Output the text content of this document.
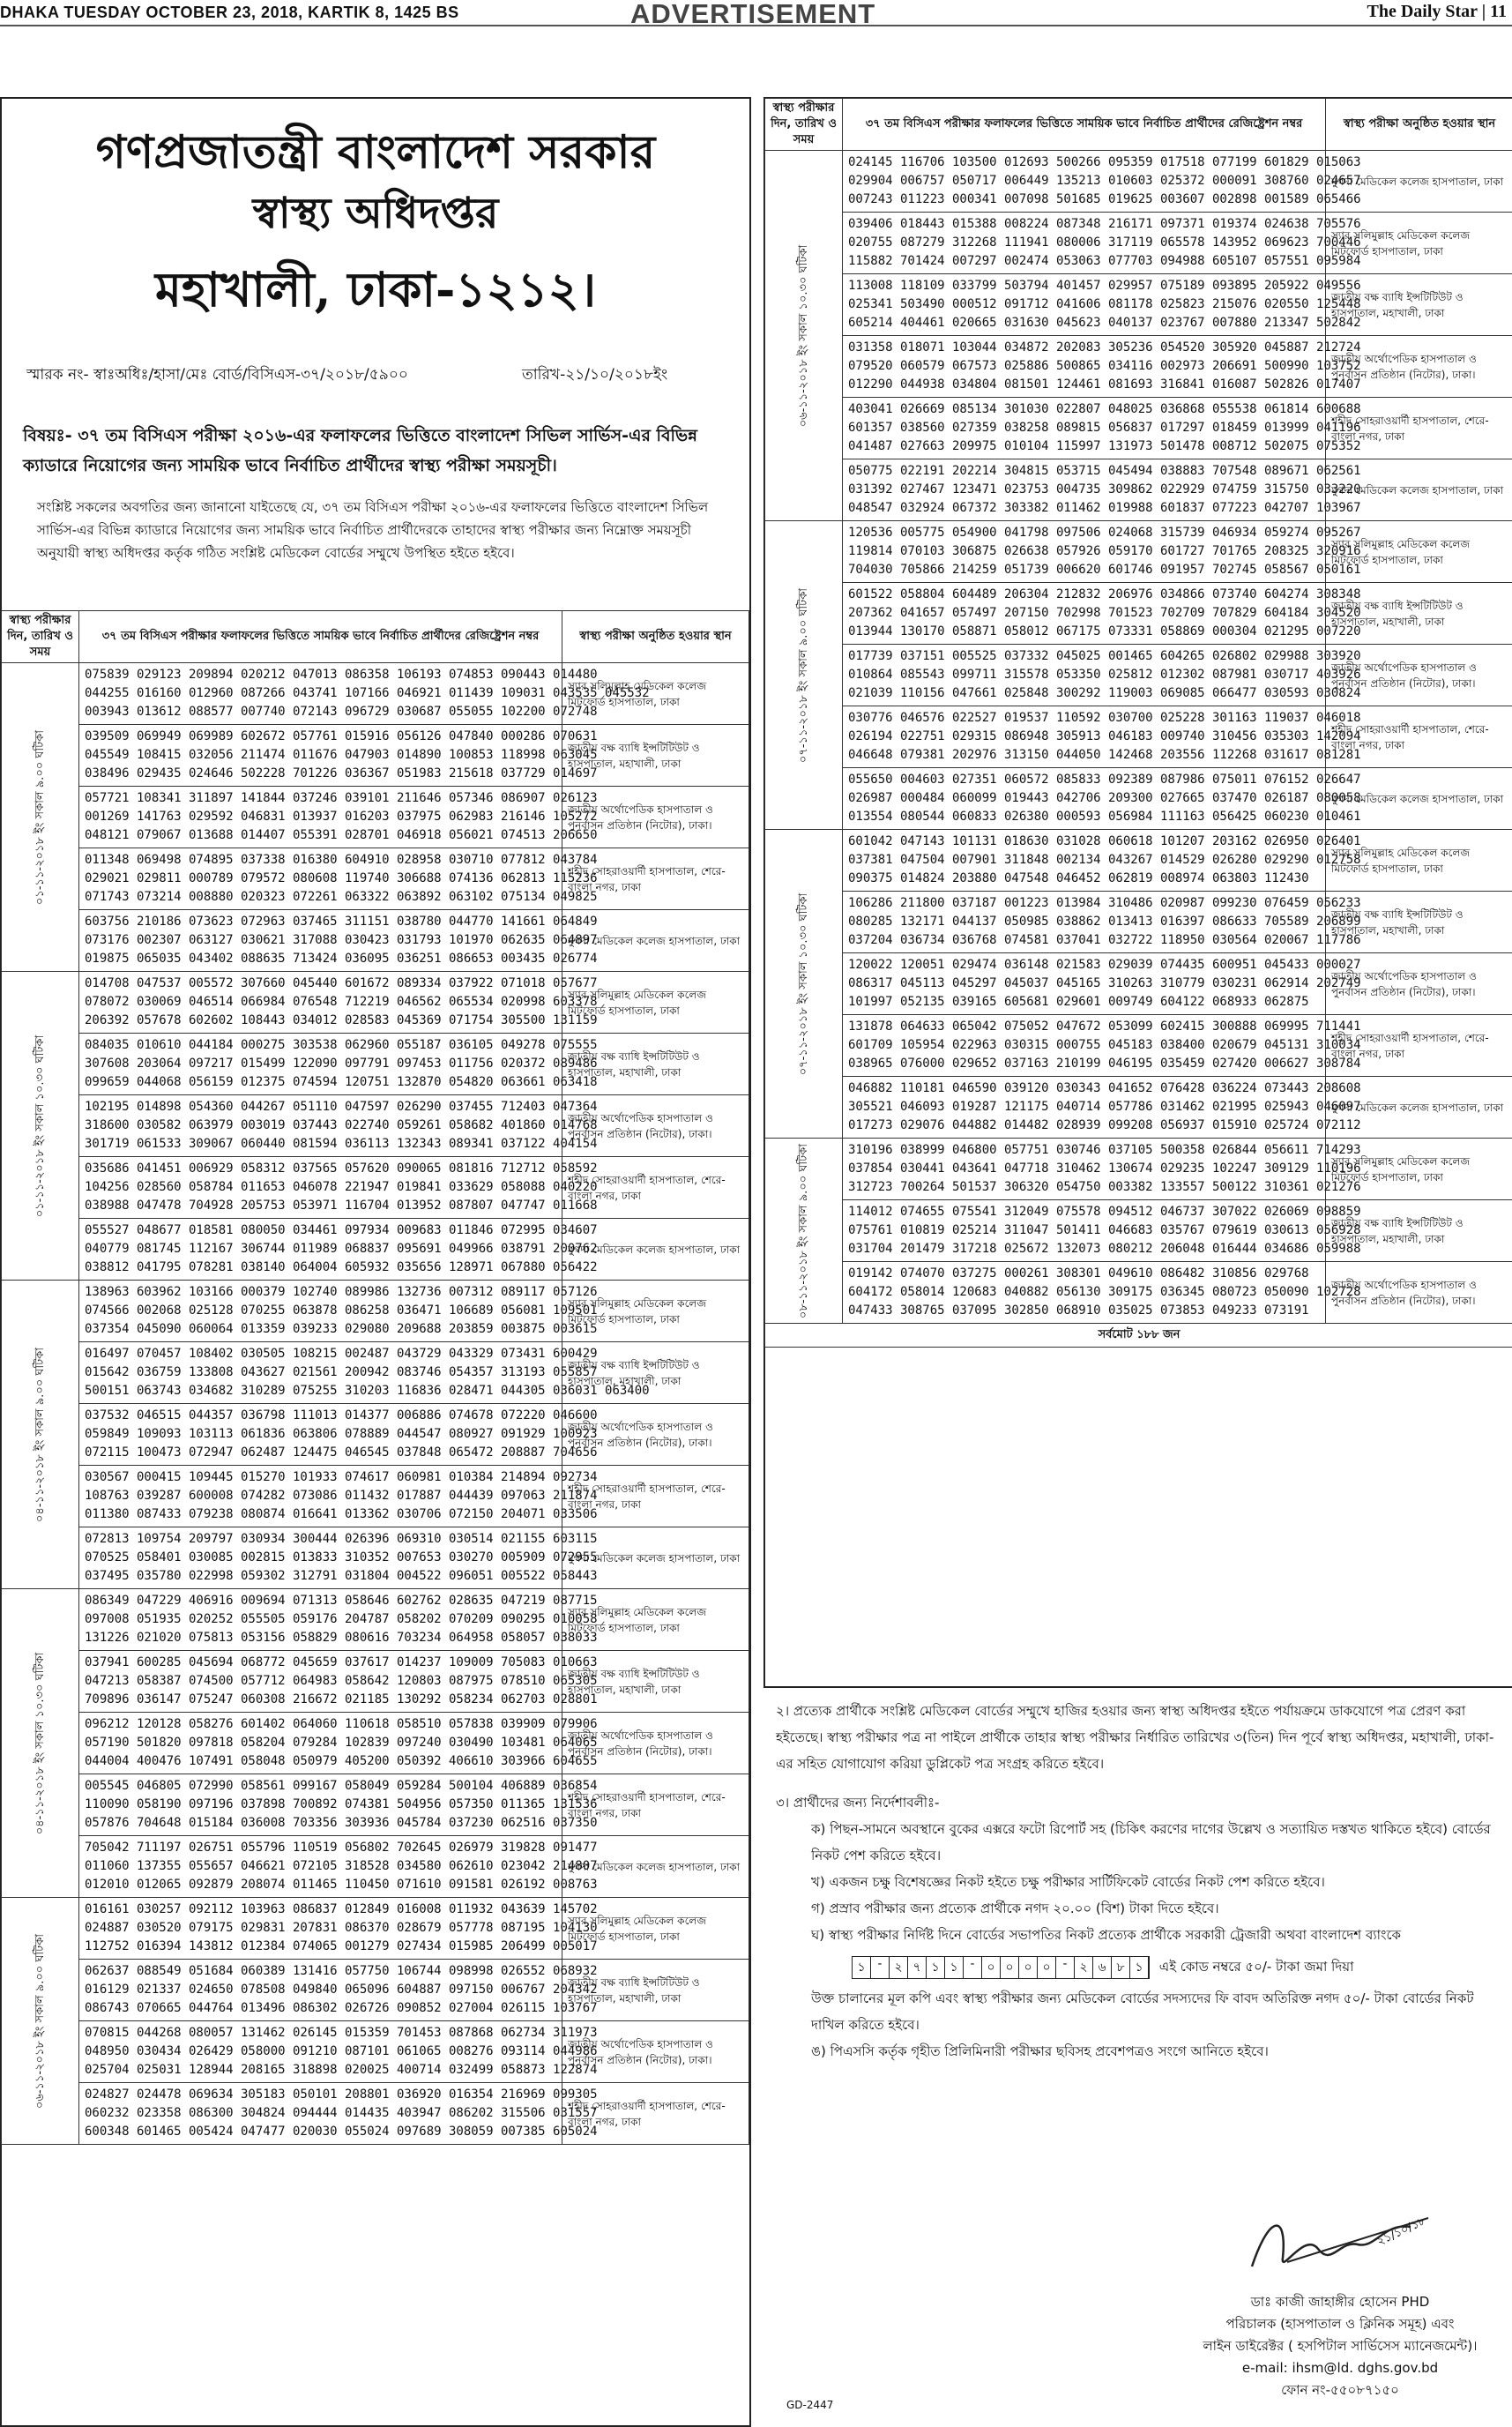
DHAKA TUESDAY OCTOBER 23, 2018, KARTIK 8, 1425 BS	ADVERTISEMENT	The Daily Star | 11
গণপ্রজাতন্ত্রী বাংলাদেশ সরকার
স্বাস্থ্য অধিদপ্তর
মহাখালী, ঢাকা-১২১২।
স্মারক নং- স্বাঃঅধিঃ/হাসা/মেঃ বোর্ড/বিসিএস-৩৭/২০১৮/৫৯০০	তারিখ-২১/১০/২০১৮ইং
বিষয়ঃ- ৩৭ তম বিসিএস পরীক্ষা ২০১৬-এর ফলাফলের ভিত্তিতে বাংলাদেশ সিভিল সার্ভিস-এর বিভিন্ন ক্যাডারে নিয়োগের জন্য সাময়িক ভাবে নির্বাচিত প্রার্থীদের স্বাস্থ্য পরীক্ষা সময়সূচী।
সংশ্লিষ্ট সকলের অবগতির জন্য জানানো যাইতেছে যে, ৩৭ তম বিসিএস পরীক্ষা ২০১৬-এর ফলাফলের ভিত্তিতে বাংলাদেশ সিভিল সার্ভিস-এর বিভিন্ন ক্যাডারে নিয়োগের জন্য সাময়িক ভাবে নির্বাচিত প্রার্থীদেরকে তাহাদের স্বাস্থ্য পরীক্ষার জন্য নিম্নোক্ত সময়সূচী অনুযায়ী স্বাস্থ্য অধিদপ্তর কর্তৃক গঠিত সংশ্লিষ্ট মেডিকেল বোর্ডের সম্মুখে উপস্থিত হইতে হইবে।
স্বাস্থ্য পরীক্ষার দিন, তারিখ ও সময়	৩৭ তম বিসিএস পরীক্ষার ফলাফলের ভিত্তিতে সাময়িক ভাবে নির্বাচিত প্রার্থীদের রেজিষ্ট্রেশন নম্বর	স্বাস্থ্য পরীক্ষা অনুষ্ঠিত হওয়ার স্থান

০১-১১-২০১৮ ইং সকাল ৯.০০ ঘটিকা	075839 029123 209894 020212 047013 086358 106193 074853 090443 014480
044255 016160 012960 087266 043741 107166 046921 011439 109031 043535 045532
003943 013612 088577 007740 072143 096729 030687 055055 102200 072748	স্যার সলিমুল্লাহ মেডিকেল কলেজ মিটফোর্ড হাসপাতাল, ঢাকা
	039509 069949 069989 602672 057761 015916 056126 047840 000286 070631
045549 108415 032056 211474 011676 047903 014890 100853 118998 063045
038496 029435 024646 502228 701226 036367 051983 215618 037729 014697	জাতীয় বক্ষ ব্যাধি ইন্সটিটিউট ও হাসপাতাল, মহাখালী, ঢাকা
	057721 108341 311897 141844 037246 039101 211646 057346 086907 026123
001269 141763 029592 046831 013937 016203 037975 062983 216146 105272
048121 079067 013688 014407 055391 028701 046918 056021 074513 206650	জাতীয় অর্থোপেডিক হাসপাতাল ও পুনর্বাসন প্রতিষ্ঠান (নিটোর), ঢাকা।
	011348 069498 074895 037338 016380 604910 028958 030710 077812 043784
029021 029811 000789 079572 080608 119740 306688 074136 062813 115236
071743 073214 008880 020323 072261 063322 063892 063102 075134 049825	শহীদ সোহরাওয়ার্দী হাসপাতাল, শেরে-বাংলা নগর, ঢাকা
	603756 210186 073623 072963 037465 311151 038780 044770 141661 064849
073176 002307 063127 030621 317088 030423 031793 101970 062635 064897
019875 065035 043402 088635 713424 036095 036251 086653 003435 026774	মুগদা মেডিকেল কলেজ হাসপাতাল, ঢাকা

০১-১১-২০১৮ ইং সকাল ১০.৩০ ঘটিকা	014708 047537 005572 307660 045440 601672 089334 037922 071018 057677
078072 030069 046514 066984 076548 712219 046562 065534 020998 603378
206392 057678 602602 108443 034012 028583 045369 071754 305500 131159	স্যার সলিমুল্লাহ মেডিকেল কলেজ মিটফোর্ড হাসপাতাল, ঢাকা
	084035 010610 044184 000275 303538 062960 055187 036105 049278 075555
307608 203064 097217 015499 122090 097791 097453 011756 020372 089486
099659 044068 056159 012375 074594 120751 132870 054820 063661 063418	জাতীয় বক্ষ ব্যাধি ইন্সটিটিউট ও হাসপাতাল, মহাখালী, ঢাকা
	102195 014898 054360 044267 051110 047597 026290 037455 712403 047364
318600 030582 063979 003019 037443 022740 059261 058682 401860 014768
301719 061533 309067 060440 081594 036113 132343 089341 037122 404154	জাতীয় অর্থোপেডিক হাসপাতাল ও পুনর্বাসন প্রতিষ্ঠান (নিটোর), ঢাকা।
	035686 041451 006929 058312 037565 057620 090065 081816 712712 058592
104256 028560 058784 011653 046078 221947 019841 033629 058088 040220
038988 047478 704928 205753 053971 116704 013952 087807 047747 011668	শহীদ সোহরাওয়ার্দী হাসপাতাল, শেরে-বাংলা নগর, ঢাকা
	055527 048677 018581 080050 034461 097934 009683 011846 072995 034607
040779 081745 112167 306744 011989 068837 095691 049966 038791 200762
038812 041795 078281 038140 064004 605932 035656 128971 067880 056422	মুগদা মেডিকেল কলেজ হাসপাতাল, ঢাকা

০৪-১১-২০১৮ ইং সকাল ৯.০০ ঘটিকা	138963 603962 103166 000379 102740 089986 132736 007312 089117 057126
074566 002068 025128 070255 063878 086258 036471 106689 056081 109501
037354 045090 060064 013359 039233 029080 209688 203859 003875 003615	স্যার সলিমুল্লাহ মেডিকেল কলেজ মিটফোর্ড হাসপাতাল, ঢাকা
	016497 070457 108402 030505 108215 002487 043729 043329 073431 600429
015642 036759 133808 043627 021561 200942 083746 054357 313193 055857
500151 063743 034682 310289 075255 310203 116836 028471 044305 036031 063400	জাতীয় বক্ষ ব্যাধি ইন্সটিটিউট ও হাসপাতাল, মহাখালী, ঢাকা
	037532 046515 044357 036798 111013 014377 006886 074678 072220 046600
059849 109093 103113 061836 063806 078889 044547 080927 091929 100923
072115 100473 072947 062487 124475 046545 037848 065472 208887 704656	জাতীয় অর্থোপেডিক হাসপাতাল ও পুনর্বাসন প্রতিষ্ঠান (নিটোর), ঢাকা।
	030567 000415 109445 015270 101933 074617 060981 010384 214894 092734
108763 039287 600008 074282 073086 011432 017887 044439 097063 211874
011380 087433 079238 080874 016641 013362 030706 072150 204071 033506	শহীদ সোহরাওয়ার্দী হাসপাতাল, শেরে-বাংলা নগর, ঢাকা
	072813 109754 209797 030934 300444 026396 069310 030514 021155 603115
070525 058401 030085 002815 013833 310352 007653 030270 005909 072955
037495 035780 022998 059302 312791 031804 004522 096051 005522 058443	মুগদা মেডিকেল কলেজ হাসপাতাল, ঢাকা

০৪-১১-২০১৮ ইং সকাল ১০.৩০ ঘটিকা	086349 047229 406916 009694 071313 058646 602762 028635 047219 087715
097008 051935 020252 055505 059176 204787 058202 070209 090295 010058
131226 021020 075813 053156 058829 080616 703234 064958 058057 038033	স্যার সলিমুল্লাহ মেডিকেল কলেজ মিটফোর্ড হাসপাতাল, ঢাকা
	037941 600285 045694 068772 045659 037617 014237 109009 705083 010663
047213 058387 074500 057712 064983 058642 120803 087975 078510 065305
709896 036147 075247 060308 216672 021185 130292 058234 062703 028801	জাতীয় বক্ষ ব্যাধি ইন্সটিটিউট ও হাসপাতাল, মহাখালী, ঢাকা
	096212 120128 058276 601402 064060 110618 058510 057838 039909 079906
057190 501820 097818 058204 079284 102839 097240 030490 103481 064065
044004 400476 107491 058048 050979 405200 050392 406610 303966 604655	জাতীয় অর্থোপেডিক হাসপাতাল ও পুনর্বাসন প্রতিষ্ঠান (নিটোর), ঢাকা।
	005545 046805 072990 058561 099167 058049 059284 500104 406889 036854
110090 058190 097196 037898 700892 074381 504956 057350 011365 131536
057876 704648 015184 036008 703356 303936 045784 037230 062516 037350	শহীদ সোহরাওয়ার্দী হাসপাতাল, শেরে-বাংলা নগর, ঢাকা
	705042 711197 026751 055796 110519 056802 702645 026979 319828 091477
011060 137355 055657 046621 072105 318528 034580 062610 023042 214807
012010 012065 092879 208074 011465 110450 071610 091581 026192 008763	মুগদা মেডিকেল কলেজ হাসপাতাল, ঢাকা

০৬-১১-২০১৮ ইং সকাল ৯.০০ ঘটিকা	016161 030257 092112 103963 086837 012849 016008 011932 043639 145702
024887 030520 079175 029831 207831 086370 028679 057778 087195 104130
112752 016394 143812 012384 074065 001279 027434 015985 206499 005017	স্যার সলিমুল্লাহ মেডিকেল কলেজ মিটফোর্ড হাসপাতাল, ঢাকা
	062637 088549 051684 060389 131416 057750 106744 098998 026552 068932
016129 021337 024650 078508 049840 065096 604887 097150 006767 204342
086743 070665 044764 013496 086302 026726 090852 027004 026115 103767	জাতীয় বক্ষ ব্যাধি ইন্সটিটিউট ও হাসপাতাল, মহাখালী, ঢাকা
	070815 044268 080057 131462 026145 015359 701453 087868 062734 311973
048950 030434 026429 058000 091210 087101 061065 008276 093114 044986
025704 025031 128944 208165 318898 020025 400714 032499 058873 122874	জাতীয় অর্থোপেডিক হাসপাতাল ও পুনর্বাসন প্রতিষ্ঠান (নিটোর), ঢাকা।
	024827 024478 069634 305183 050101 208801 036920 016354 216969 099305
060232 023358 086300 304824 094444 014435 403947 086202 315506 031557
600348 601465 005424 047477 020030 055024 097689 308059 007385 605024	শহীদ সোহরাওয়ার্দী হাসপাতাল, শেরে-বাংলা নগর, ঢাকা
স্বাস্থ্য পরীক্ষার দিন, তারিখ ও সময়	৩৭ তম বিসিএস পরীক্ষার ফলাফলের ভিত্তিতে সাময়িক ভাবে নির্বাচিত প্রার্থীদের রেজিষ্ট্রেশন নম্বর	স্বাস্থ্য পরীক্ষা অনুষ্ঠিত হওয়ার স্থান

০৬-১১-২০১৮ ইং সকাল ১০.৩০ ঘটিকা	024145 116706 103500 012693 500266 095359 017518 077199 601829 015063
029904 006757 050717 006449 135213 010603 025372 000091 308760 024657
007243 011223 000341 007098 501685 019625 003607 002898 001589 065466	মুগদা মেডিকেল কলেজ হাসপাতাল, ঢাকা
	039406 018443 015388 008224 087348 216171 097371 019374 024638 705576
020755 087279 312268 111941 080006 317119 065578 143952 069623 700446
115882 701424 007297 002474 053063 077703 094988 605107 057551 095984	স্যার সলিমুল্লাহ মেডিকেল কলেজ মিটফোর্ড হাসপাতাল, ঢাকা
	113008 118109 033799 503794 401457 029957 075189 093895 205922 049556
025341 503490 000512 091712 041606 081178 025823 215076 020550 125448
605214 404461 020665 031630 045623 040137 023767 007880 213347 502842	জাতীয় বক্ষ ব্যাধি ইন্সটিটিউট ও হাসপাতাল, মহাখালী, ঢাকা
	031358 018071 103044 034872 202083 305236 054520 305920 045887 212724
079520 060579 067573 025886 500865 034116 002973 206691 500990 103752
012290 044938 034804 081501 124461 081693 316841 016087 502826 017407	জাতীয় অর্থোপেডিক হাসপাতাল ও পুনর্বাসন প্রতিষ্ঠান (নিটোর), ঢাকা।
	403041 026669 085134 301030 022807 048025 036868 055538 061814 600688
601357 038560 027359 038258 089815 056837 017297 018459 013999 041196
041487 027663 209975 010104 115997 131973 501478 008712 502075 075352	শহীদ সোহরাওয়ার্দী হাসপাতাল, শেরে-বাংলা নগর, ঢাকা
	050775 022191 202214 304815 053715 045494 038883 707548 089671 062561
031392 027467 123471 023753 004735 309862 022929 074759 315750 033220
048547 032924 067372 303382 011462 019988 601837 077223 042707 103967	মুগদা মেডিকেল কলেজ হাসপাতাল, ঢাকা

০৭-১১-২০১৮ ইং সকাল ৯.০০ ঘটিকা	120536 005775 054900 041798 097506 024068 315739 046934 059274 095267
119814 070103 306875 026638 057926 059170 601727 701765 208325 320916
704030 705866 214259 051739 006620 601746 091957 702745 058567 050161	স্যার সলিমুল্লাহ মেডিকেল কলেজ মিটফোর্ড হাসপাতাল, ঢাকা
	601522 058804 604489 206304 212832 206976 034866 073740 604274 308348
207362 041657 057497 207150 702998 701523 702709 707829 604184 304520
013944 130170 058871 058012 067175 073331 058869 000304 021295 007220	জাতীয় বক্ষ ব্যাধি ইন্সটিটিউট ও হাসপাতাল, মহাখালী, ঢাকা
	017739 037151 005525 037332 045025 001465 604265 026802 029988 303920
010864 085543 099711 315578 053350 025812 012302 087981 030717 403926
021039 110156 047661 025848 300292 119003 069085 066477 030593 030824	জাতীয় অর্থোপেডিক হাসপাতাল ও পুনর্বাসন প্রতিষ্ঠান (নিটোর), ঢাকা।
	030776 046576 022527 019537 110592 030700 025228 301163 119037 046018
026194 022751 029315 086948 305913 046183 009740 310456 035303 142094
046648 079381 202976 313150 044050 142468 203556 112268 031617 081281	শহীদ সোহরাওয়ার্দী হাসপাতাল, শেরে-বাংলা নগর, ঢাকা
	055650 004603 027351 060572 085833 092389 087986 075011 076152 026647
026987 000484 060099 019443 042706 209300 027665 037470 026187 080058
013554 080544 060833 026380 000593 056984 111163 056425 060230 010461	মুগদা মেডিকেল কলেজ হাসপাতাল, ঢাকা

০৭-১১-২০১৮ ইং সকাল ১০.৩০ ঘটিকা	601042 047143 101131 018630 031028 060618 101207 203162 026950 026401
037381 047504 007901 311848 002134 043267 014529 026280 029290 012758
090375 014824 203880 047548 046452 062819 008974 063803 112430	স্যার সলিমুল্লাহ মেডিকেল কলেজ মিটফোর্ড হাসপাতাল, ঢাকা
	106286 211800 037187 001223 013984 310486 020987 099230 076459 056233
080285 132171 044137 050985 038862 013413 016397 086633 705589 206899
037204 036734 036768 074581 037041 032722 118950 030564 020067 117786	জাতীয় বক্ষ ব্যাধি ইন্সটিটিউট ও হাসপাতাল, মহাখালী, ঢাকা
	120022 120051 029474 036148 021583 029039 074435 600951 045433 000027
086317 045113 045297 045037 045165 310263 310779 030231 062914 202749
101997 052135 039165 605681 029601 009749 604122 068933 062875	জাতীয় অর্থোপেডিক হাসপাতাল ও পুনর্বাসন প্রতিষ্ঠান (নিটোর), ঢাকা।
	131878 064633 065042 075052 047672 053099 602415 300888 069995 711441
601709 105954 022963 030315 000755 045183 038400 020679 045131 310034
038965 076000 029652 037163 210199 046195 035459 027420 006627 308784	শহীদ সোহরাওয়ার্দী হাসপাতাল, শেরে-বাংলা নগর, ঢাকা
	046882 110181 046590 039120 030343 041652 076428 036224 073443 208608
305521 046093 019287 121175 040714 057786 031462 021995 025943 046097
017273 029076 044882 014482 028939 099208 056937 015910 025724 072112	মুগদা মেডিকেল কলেজ হাসপাতাল, ঢাকা

০৮-১১-২০১৮ ইং সকাল ৯.০০ ঘটিকা	310196 038999 046800 057751 030746 037105 500358 026844 056611 714293
037854 030441 043641 047718 310462 130674 029235 102247 309129 110196
312723 700264 501537 306320 054750 003382 133557 500122 310361 021276	স্যার সলিমুল্লাহ মেডিকেল কলেজ মিটফোর্ড হাসপাতাল, ঢাকা
	114012 074655 075541 312049 075578 094512 046737 307022 026069 098859
075761 010819 025214 311047 501411 046683 035767 079619 030613 056928
031704 201479 317218 025672 132073 080212 206048 016444 034686 059988	জাতীয় বক্ষ ব্যাধি ইন্সটিটিউট ও হাসপাতাল, মহাখালী, ঢাকা
	019142 074070 037275 000261 308301 049610 086482 310856 029768
604172 058014 120683 040882 056130 309175 036345 080723 050090 102728
047433 308765 037095 302850 068910 035025 073853 049233 073191	জাতীয় অর্থোপেডিক হাসপাতাল ও পুনর্বাসন প্রতিষ্ঠান (নিটোর), ঢাকা।
সর্বমোট ১৮৮ জন		
২। প্রত্যেক প্রার্থীকে সংশ্লিষ্ট মেডিকেল বোর্ডের সম্মুখে হাজির হওয়ার জন্য স্বাস্থ্য অধিদপ্তর হইতে পর্যায়ক্রমে ডাকযোগে পত্র প্রেরণ করা হইতেছে। স্বাস্থ্য পরীক্ষার পত্র না পাইলে প্রার্থীকে তাহার স্বাস্থ্য পরীক্ষার নির্ধারিত তারিখের ৩(তিন) দিন পূর্বে স্বাস্থ্য অধিদপ্তর, মহাখালী, ঢাকা-এর সহিত যোগাযোগ করিয়া ডুপ্লিকেট পত্র সংগ্রহ করিতে হইবে।
৩। প্রার্থীদের জন্য নির্দেশাবলীঃ-
ক) পিছন-সামনে অবস্থানে বুকের এক্সরে ফটো রিপোর্ট সহ (চিকিৎ করণের দাগের উল্লেখ ও সত্যায়িত দস্তখত থাকিতে হইবে) বোর্ডের নিকট পেশ করিতে হইবে।
খ) একজন চক্ষু বিশেষজ্ঞের নিকট হইতে চক্ষু পরীক্ষার সার্টিফিকেট বোর্ডের নিকট পেশ করিতে হইবে।
গ) প্রস্রাব পরীক্ষার জন্য প্রত্যেক প্রার্থীকে নগদ ২০.০০ (বিশ) টাকা দিতে হইবে।
ঘ) স্বাস্থ্য পরীক্ষার নির্দিষ্ট দিনে বোর্ডের সভাপতির নিকট প্রত্যেক প্রার্থীকে সরকারী ট্রেজারী অথবা বাংলাদেশ ব্যাংকে
১ - ২ ৭ ১ ১ - ০ ০ ০ ০ - ২ ৬ ৮ ১	এই কোড নম্বরে ৫০/- টাকা জমা দিয়া
উক্ত চালানের মূল কপি এবং স্বাস্থ্য পরীক্ষার জন্য মেডিকেল বোর্ডের সদস্যদের ফি বাবদ অতিরিক্ত নগদ ৫০/- টাকা বোর্ডের নিকট দাখিল করিতে হইবে।
ঙ) পিএসসি কর্তৃক গৃহীত প্রিলিমিনারী পরীক্ষার ছবিসহ প্রবেশপত্রও সংগে আনিতে হইবে।
২১/১০/১৮
ডাঃ কাজী জাহাঙ্গীর হোসেন PHD
পরিচালক (হাসপাতাল ও ক্লিনিক সমূহ) এবং
লাইন ডাইরেক্টর ( হসপিটাল সার্ভিসেস ম্যানেজমেন্ট)।
e-mail: ihsm@ld. dghs.gov.bd
ফোন নং-৫৫০৮৭১৫০
GD-2447
